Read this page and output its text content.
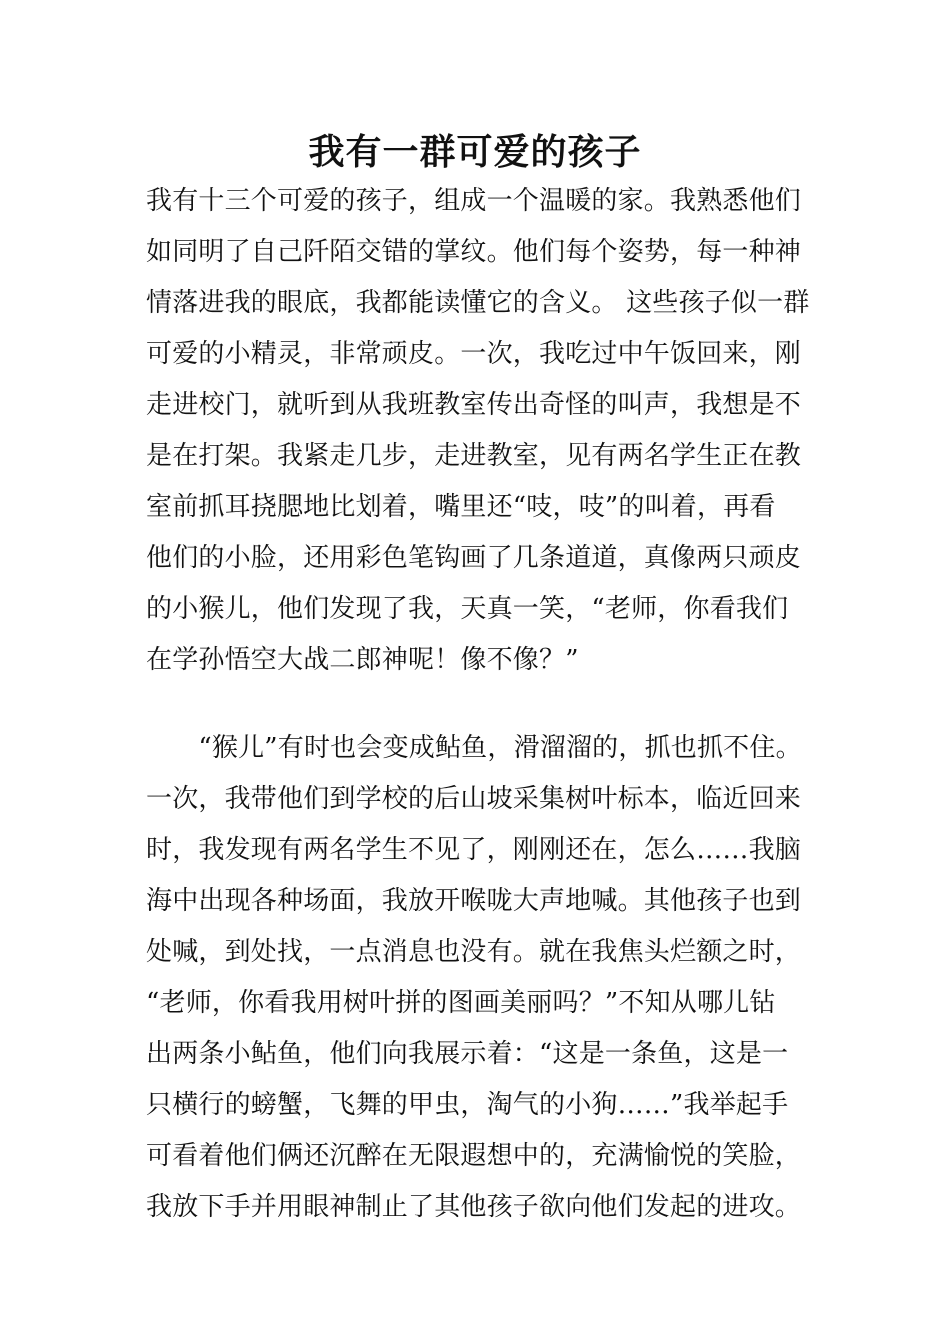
我有一群可爱的孩子
我有十三个可爱的孩子，组成一个温暖的家。我熟悉他们
如同明了自己阡陌交错的掌纹。他们每个姿势，每一种神
情落进我的眼底，我都能读懂它的含义。 这些孩子似一群
可爱的小精灵，非常顽皮。一次，我吃过中午饭回来，刚
走进校门，就听到从我班教室传出奇怪的叫声，我想是不
是在打架。我紧走几步，走进教室，见有两名学生正在教
室前抓耳挠腮地比划着，嘴里还“吱，吱”的叫着，再看
他们的小脸，还用彩色笔钩画了几条道道，真像两只顽皮
的小猴儿，他们发现了我，天真一笑，“老师，你看我们
在学孙悟空大战二郎神呢！像不像？”
　　“猴儿”有时也会变成鲇鱼，滑溜溜的，抓也抓不住。
一次，我带他们到学校的后山坡采集树叶标本，临近回来
时，我发现有两名学生不见了，刚刚还在，怎么……我脑
海中出现各种场面，我放开喉咙大声地喊。其他孩子也到
处喊，到处找，一点消息也没有。就在我焦头烂额之时，
“老师，你看我用树叶拼的图画美丽吗？”不知从哪儿钻
出两条小鲇鱼，他们向我展示着：“这是一条鱼，这是一
只横行的螃蟹，飞舞的甲虫，淘气的小狗……”我举起手
可看着他们俩还沉醉在无限遐想中的，充满愉悦的笑脸，
我放下手并用眼神制止了其他孩子欲向他们发起的进攻。
